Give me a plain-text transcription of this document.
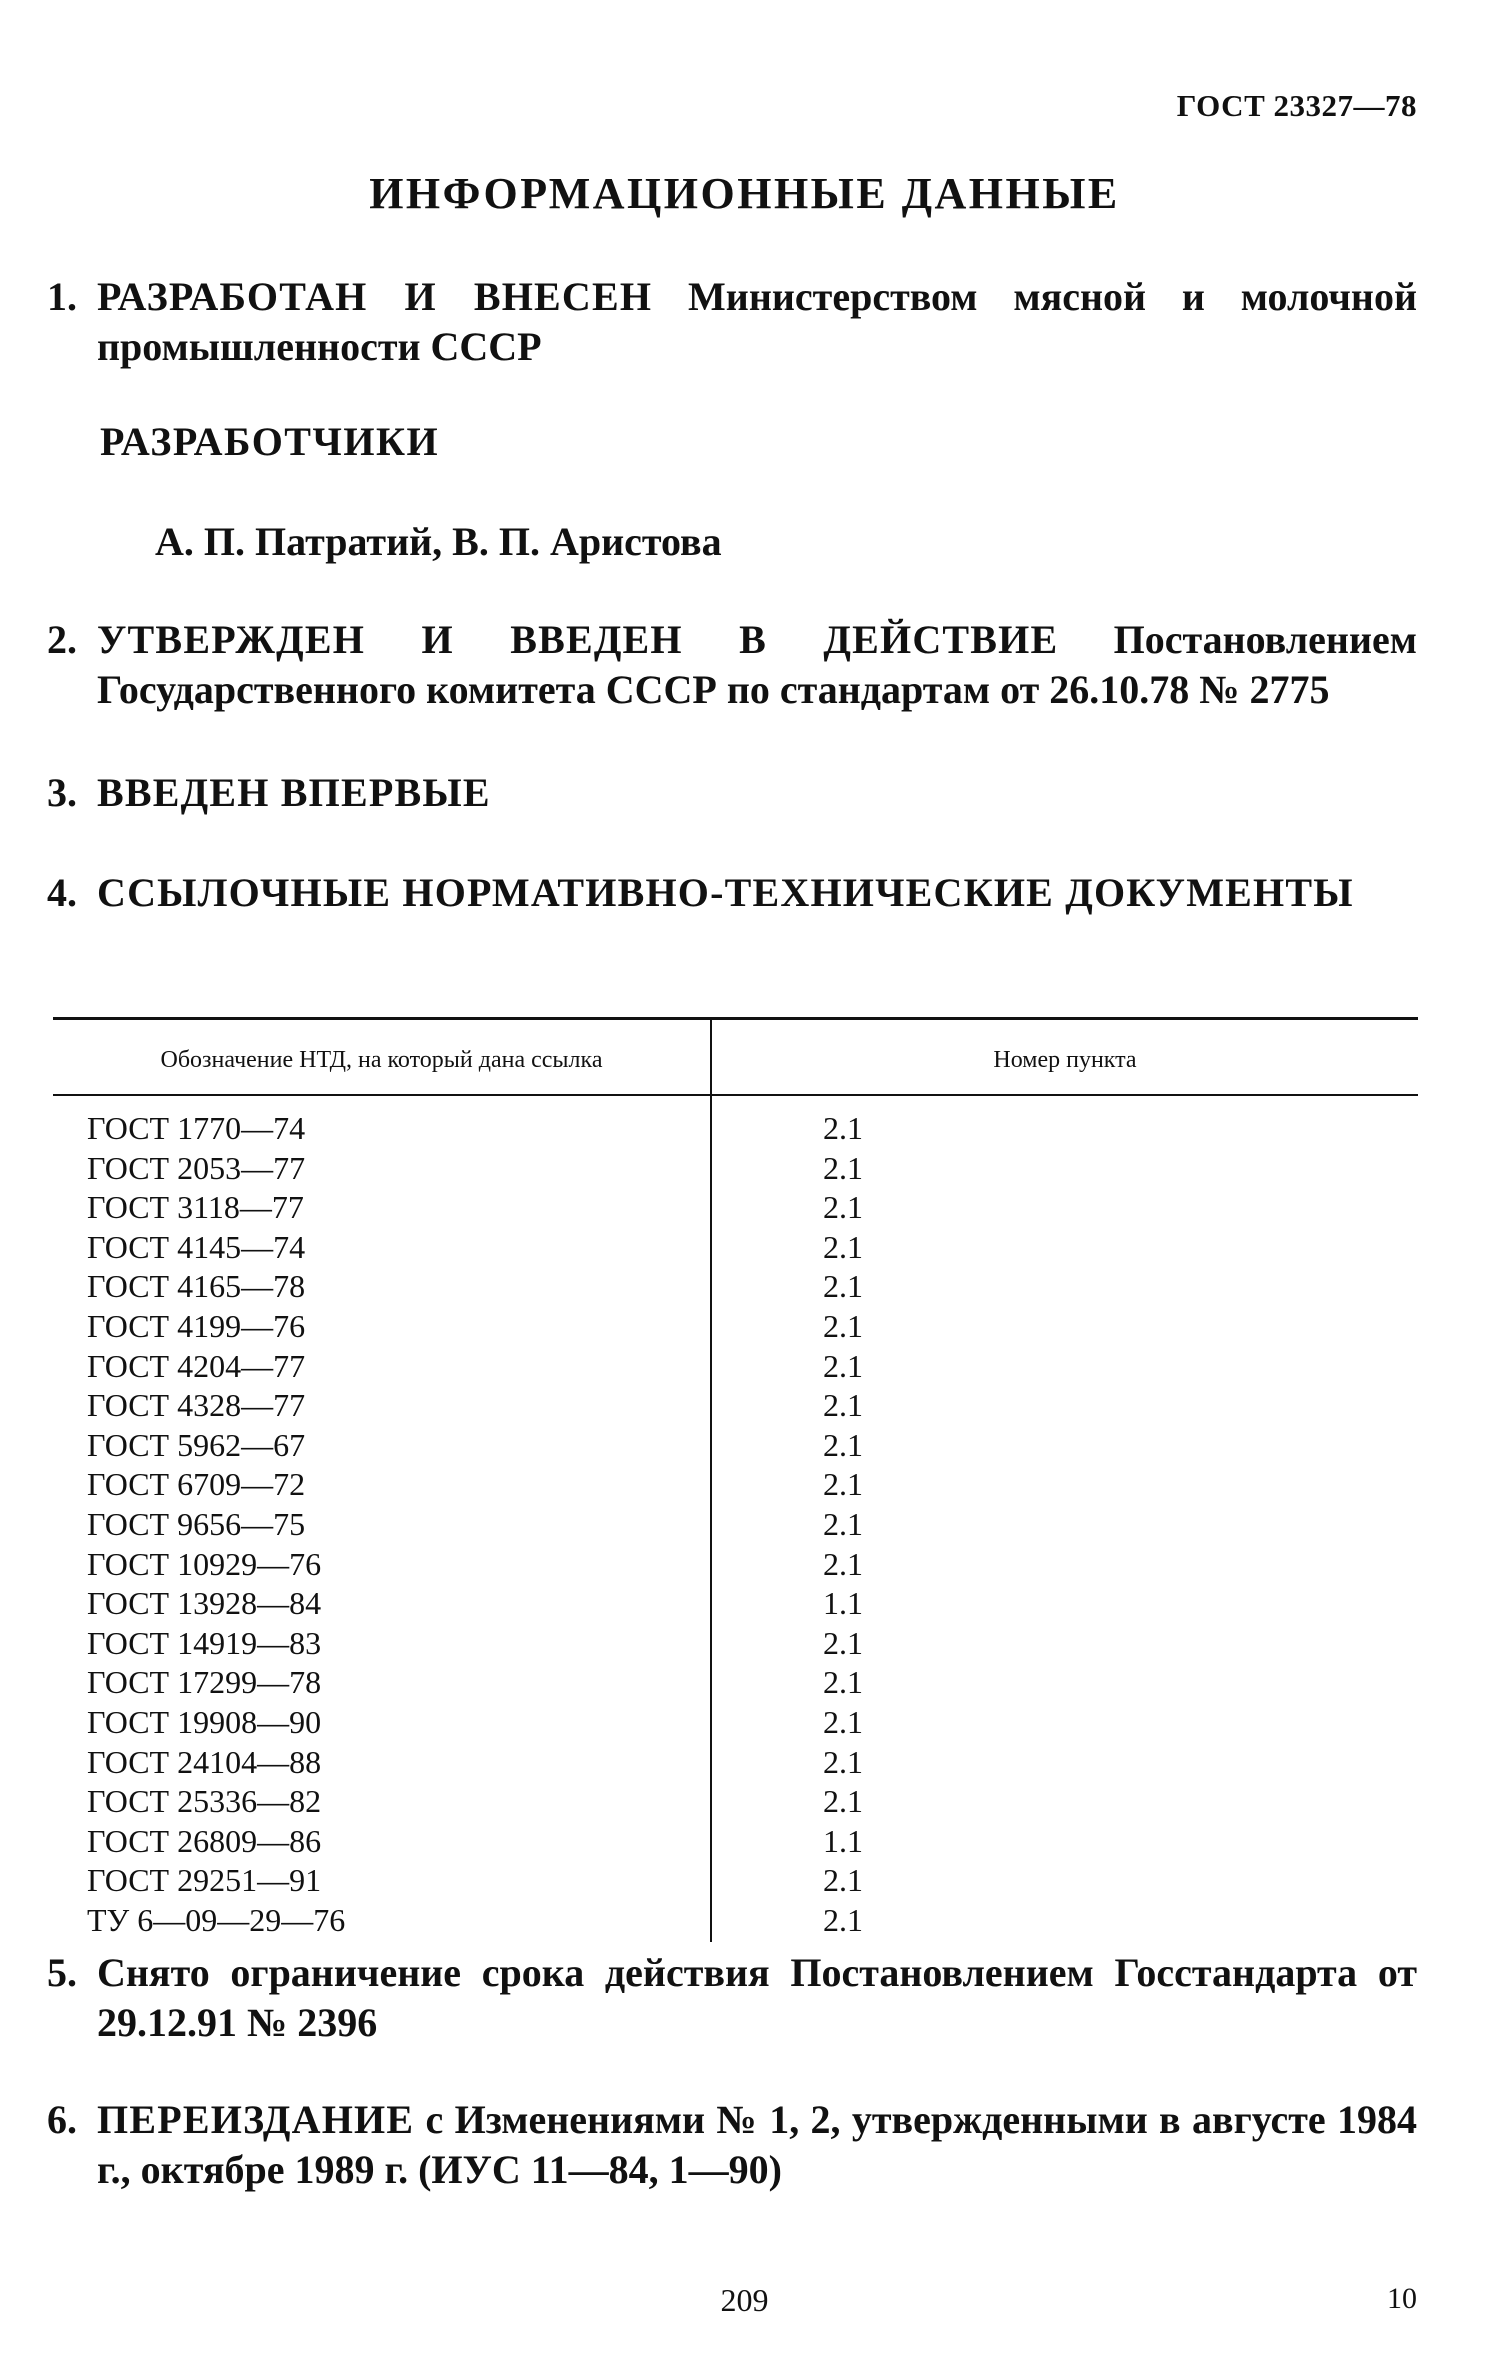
ГОСТ 23327—78
ИНФОРМАЦИОННЫЕ ДАННЫЕ
1. РАЗРАБОТАН И ВНЕСЕН Министерством мясной и молочной промышленности СССР
РАЗРАБОТЧИКИ
А. П. Патратий, В. П. Аристова
2. УТВЕРЖДЕН И ВВЕДЕН В ДЕЙСТВИЕ Постановлением Государственного комитета СССР по стандартам от 26.10.78 № 2775
3. ВВЕДЕН ВПЕРВЫЕ
4. ССЫЛОЧНЫЕ НОРМАТИВНО-ТЕХНИЧЕСКИЕ ДОКУМЕНТЫ
Обозначение НТД, на который дана ссылка	Номер пункта
ГОСТ 1770—74	2.1
ГОСТ 2053—77	2.1
ГОСТ 3118—77	2.1
ГОСТ 4145—74	2.1
ГОСТ 4165—78	2.1
ГОСТ 4199—76	2.1
ГОСТ 4204—77	2.1
ГОСТ 4328—77	2.1
ГОСТ 5962—67	2.1
ГОСТ 6709—72	2.1
ГОСТ 9656—75	2.1
ГОСТ 10929—76	2.1
ГОСТ 13928—84	1.1
ГОСТ 14919—83	2.1
ГОСТ 17299—78	2.1
ГОСТ 19908—90	2.1
ГОСТ 24104—88	2.1
ГОСТ 25336—82	2.1
ГОСТ 26809—86	1.1
ГОСТ 29251—91	2.1
ТУ 6—09—29—76	2.1
5. Снято ограничение срока действия Постановлением Госстандарта от 29.12.91 № 2396
6. ПЕРЕИЗДАНИЕ с Изменениями № 1, 2, утвержденными в августе 1984 г., октябре 1989 г. (ИУС 11—84, 1—90)
209	10
